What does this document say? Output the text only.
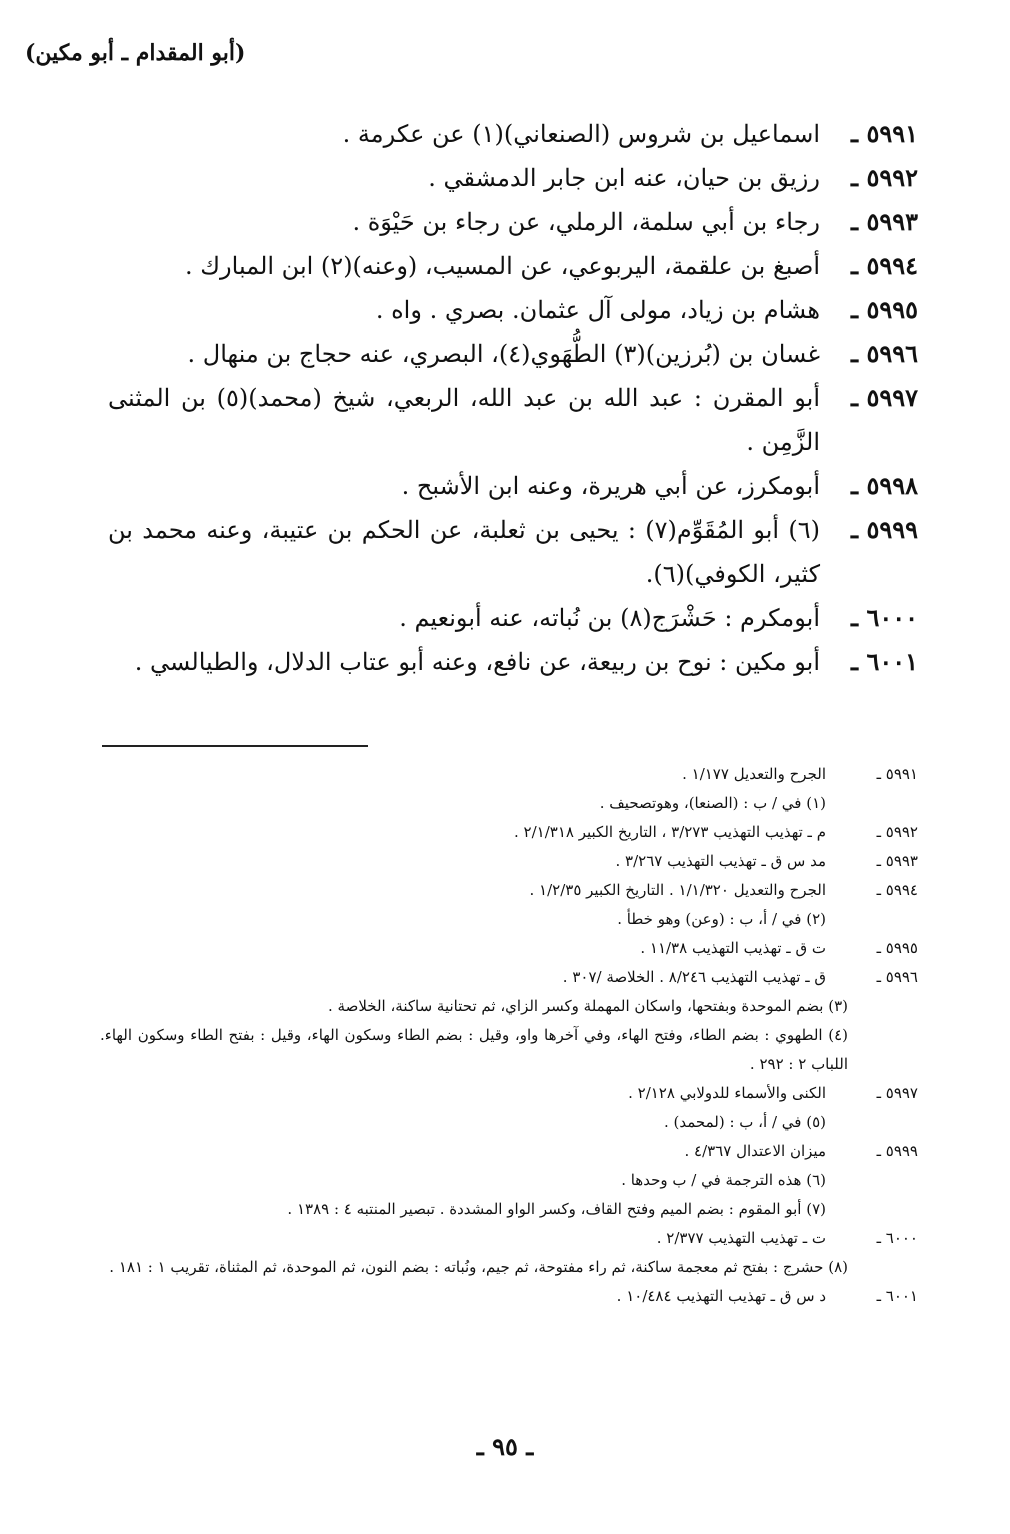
(أبو المقدام ـ أبو مكين)
٥٩٩١ ـ
اسماعيل بن شروس (الصنعاني)(١) عن عكرمة .
٥٩٩٢ ـ
رزيق بن حيان، عنه ابن جابر الدمشقي .
٥٩٩٣ ـ
رجاء بن أبي سلمة، الرملي، عن رجاء بن حَيْوَة .
٥٩٩٤ ـ
أصبغ بن علقمة، اليربوعي، عن المسيب، (وعنه)(٢) ابن المبارك .
٥٩٩٥ ـ
هشام بن زياد، مولى آل عثمان. بصري . واه .
٥٩٩٦ ـ
غسان بن (بُرزين)(٣) الطُّهَوي(٤)، البصري، عنه حجاج بن منهال .
٥٩٩٧ ـ
أبو المقرن : عبد الله بن عبد الله، الربعي، شيخ (محمد)(٥) بن المثنى الزَّمِن .
٥٩٩٨ ـ
أبومكرز، عن أبي هريرة، وعنه ابن الأشبح .
٥٩٩٩ ـ
(٦) أبو المُقَوِّم(٧) : يحيى بن ثعلبة، عن الحكم بن عتيبة، وعنه محمد بن كثير، الكوفي)(٦).
٦٠٠٠ ـ
أبومكرم : حَشْرَج(٨) بن نُباته، عنه أبونعيم .
٦٠٠١ ـ
أبو مكين : نوح بن ربيعة، عن نافع، وعنه أبو عتاب الدلال، والطيالسي .
٥٩٩١ ـ
الجرح والتعديل ١/١٧٧ .
(١) في / ب : (الصنعا)، وهوتصحيف .
٥٩٩٢ ـ
م ـ تهذيب التهذيب ٣/٢٧٣ ، التاريخ الكبير ٢/١/٣١٨ .
٥٩٩٣ ـ
مد س ق ـ تهذيب التهذيب ٣/٢٦٧ .
٥٩٩٤ ـ
الجرح والتعديل ١/١/٣٢٠ . التاريخ الكبير ١/٢/٣٥ .
(٢) في / أ، ب : (وعن) وهو خطأ .
٥٩٩٥ ـ
ت ق ـ تهذيب التهذيب ١١/٣٨ .
٥٩٩٦ ـ
ق ـ تهذيب التهذيب ٨/٢٤٦ . الخلاصة /٣٠٧ .
(٣) بضم الموحدة وبفتحها، واسكان المهملة وكسر الزاي، ثم تحتانية ساكنة، الخلاصة .
(٤) الطهوي : بضم الطاء، وفتح الهاء، وفي آخرها واو، وقيل : بضم الطاء وسكون الهاء، وقيل : بفتح الطاء وسكون الهاء. اللباب ٢ : ٢٩٢ .
٥٩٩٧ ـ
الكنى والأسماء للدولابي ٢/١٢٨ .
(٥) في / أ، ب : (لمحمد) .
٥٩٩٩ ـ
ميزان الاعتدال ٤/٣٦٧ .
(٦) هذه الترجمة في / ب وحدها .
(٧) أبو المقوم : بضم الميم وفتح القاف، وكسر الواو المشددة . تبصير المنتبه ٤ : ١٣٨٩ .
٦٠٠٠ ـ
ت ـ تهذيب التهذيب ٢/٣٧٧ .
(٨) حشرج : بفتح ثم معجمة ساكنة، ثم راء مفتوحة، ثم جيم، ونُباته : بضم النون، ثم الموحدة، ثم المثناة، تقريب ١ : ١٨١ .
٦٠٠١ ـ
د س ق ـ تهذيب التهذيب ١٠/٤٨٤ .
ـ ٩٥ ـ
